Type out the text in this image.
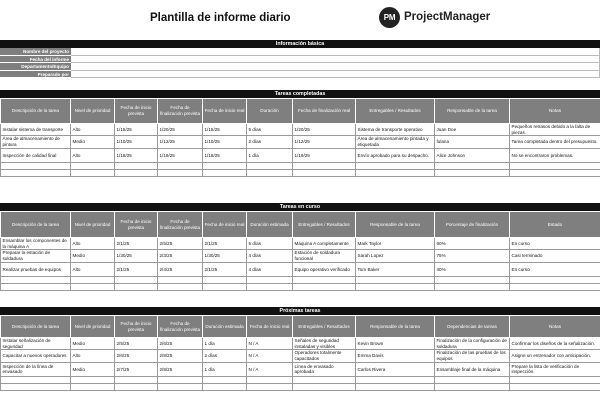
Plantilla de informe diario	PM ProjectManager
Información básica
Nombre del proyecto
Fecha del informe
Departamento/Equipo
Preparado por
Tareas completadas
Descripción de la tarea	Nivel de prioridad	Fecha de inicio prevista	Fecha de finalización prevista	Fecha de inicio real	Duración	Fecha de finalización real	Entregables / Resultados	Responsable de la tarea	Notas
Instalar sistema de transporte	Alto	1/15/25	1/20/25	1/15/25	5 días	1/20/25	Sistema de transporte operativo	Juan Doe	Pequeños retrasos debido a la falta de piezas.
Área de almacenamiento de pintura	Medio	1/10/25	1/12/25	1/10/25	2 días	1/12/25	Área de almacenamiento pintada y etiquetada	fulana	Tarea completada dentro del presupuesto.
Inspección de calidad final	Alto	1/18/25	1/19/25	1/18/25	1 día	1/19/25	Envío aprobado para su despacho.	Alice Johnson	No se encontraron problemas.

Tareas en curso
Descripción de la tarea	Nivel de prioridad	Fecha de inicio prevista	Fecha de finalización prevista	Fecha de inicio real	Duración estimada	Entregables / Resultados	Responsable de la tarea	Porcentaje de finalización	Estado
Ensamblar los componentes de la máquina A	Alto	2/1/25	2/5/25	2/1/25	5 días	Máquina A completamente	Mark Taylor	60%	En curso
Preparar la estación de soldadura	Medio	1/30/25	2/3/25	1/30/25	4 días	Estación de soldadura funcional	Sarah Lopez	75%	Casi terminado
Realizar pruebas de equipos	Alto	2/1/25	2/4/25	2/1/25	4 días	Equipo operativo verificado	Tom Baker	40%	En curso

Próximas tareas
Descripción de la tarea	Nivel de prioridad	Fecha de inicio prevista	Fecha de finalización prevista	Duración estimada	Fecha de inicio real	Entregables / Resultados	Responsable de la tarea	Dependencias de tareas	Notas
Instalar señalización de seguridad	Medio	2/5/25	2/6/25	1 día	N / A	Señales de seguridad instaladas y visibles	Kevin Brown	Finalización de la configuración de soldadura	Confirmar los diseños de la señalización.
Capacitar a nuevos operadores	Alto	2/6/25	2/8/25	2 días	N / A	Operadores totalmente capacitados	Emma Davis	Finalización de las pruebas de los equipos	Asigne un entrenador con anticipación.
Inspección de la línea de envasado	Medio	2/7/25	2/8/25	1 día	N / A	Línea de envasado aprobada	Carlos Rivera	Ensamblaje final de la máquina	Prepare la lista de verificación de inspección.
